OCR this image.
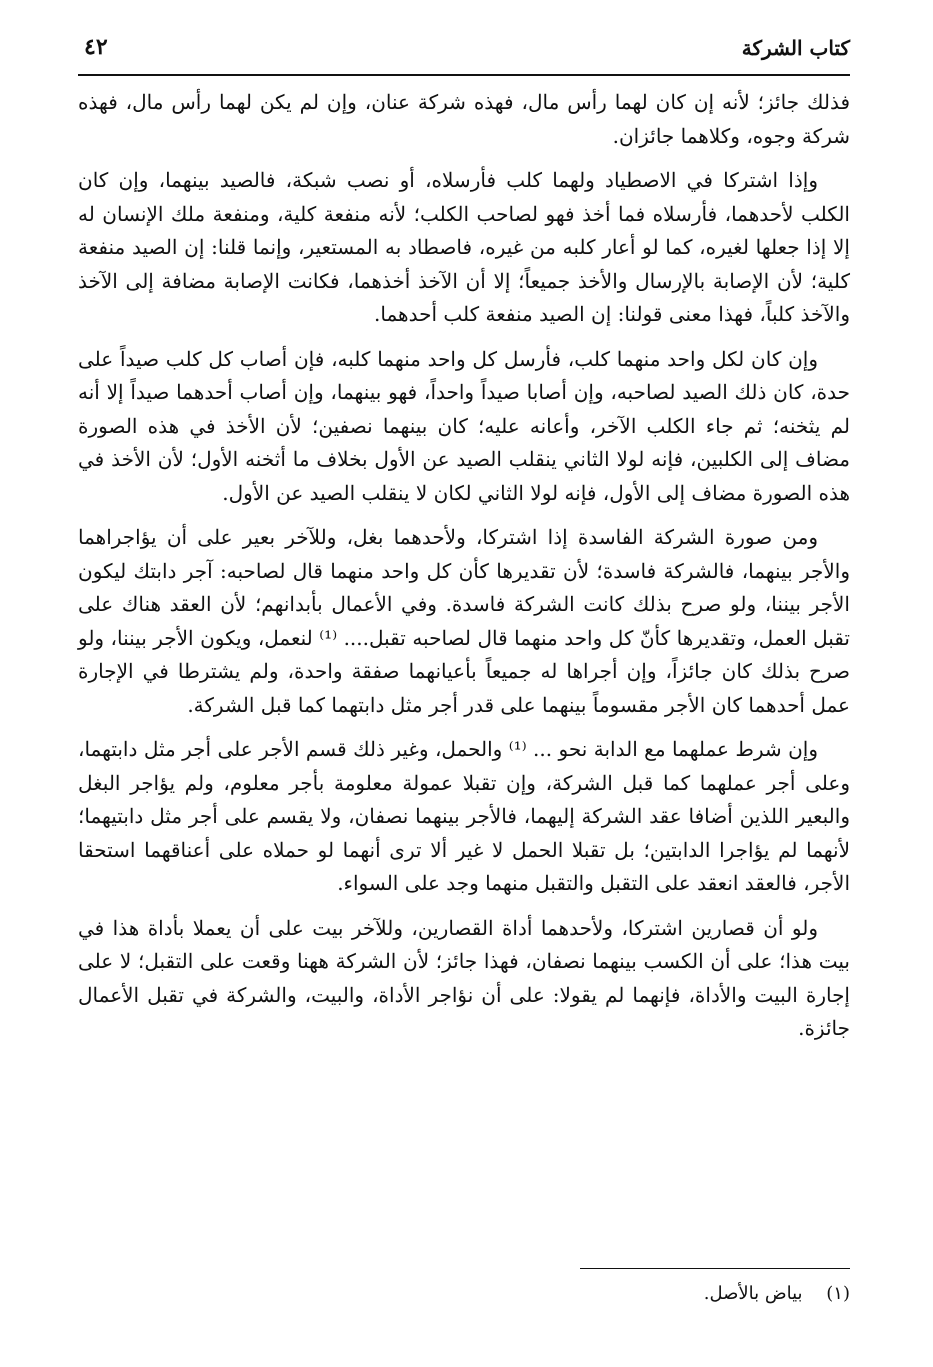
كتاب الشركة
٤٢

فذلك جائز؛ لأنه إن كان لهما رأس مال، فهذه شركة عنان، وإن لم يكن لهما رأس مال، فهذه شركة وجوه، وكلاهما جائزان.

وإذا اشتركا في الاصطياد ولهما كلب فأرسلاه، أو نصب شبكة، فالصيد بينهما، وإن كان الكلب لأحدهما، فأرسلاه فما أخذ فهو لصاحب الكلب؛ لأنه منفعة كلية، ومنفعة ملك الإنسان له إلا إذا جعلها لغيره، كما لو أعار كلبه من غيره، فاصطاد به المستعير، وإنما قلنا: إن الصيد منفعة كلية؛ لأن الإصابة بالإرسال والأخذ جميعاً؛ إلا أن الآخذ أخذهما، فكانت الإصابة مضافة إلى الآخذ والآخذ كلباً، فهذا معنى قولنا: إن الصيد منفعة كلب أحدهما.

وإن كان لكل واحد منهما كلب، فأرسل كل واحد منهما كلبه، فإن أصاب كل كلب صيداً على حدة، كان ذلك الصيد لصاحبه، وإن أصابا صيداً واحداً، فهو بينهما، وإن أصاب أحدهما صيداً إلا أنه لم يثخنه؛ ثم جاء الكلب الآخر، وأعانه عليه؛ كان بينهما نصفين؛ لأن الأخذ في هذه الصورة مضاف إلى الكلبين، فإنه لولا الثاني ينقلب الصيد عن الأول بخلاف ما أثخنه الأول؛ لأن الأخذ في هذه الصورة مضاف إلى الأول، فإنه لولا الثاني لكان لا ينقلب الصيد عن الأول.

ومن صورة الشركة الفاسدة إذا اشتركا، ولأحدهما بغل، وللآخر بعير على أن يؤاجراهما والأجر بينهما، فالشركة فاسدة؛ لأن تقديرها كأن كل واحد منهما قال لصاحبه: آجر دابتك ليكون الأجر بيننا، ولو صرح بذلك كانت الشركة فاسدة. وفي الأعمال بأبدانهم؛ لأن العقد هناك على تقبل العمل، وتقديرها كأنّ كل واحد منهما قال لصاحبه تقبل.... ⁽¹⁾ لنعمل، ويكون الأجر بيننا، ولو صرح بذلك كان جائزاً، وإن أجراها له جميعاً بأعيانهما صفقة واحدة، ولم يشترطا في الإجارة عمل أحدهما كان الأجر مقسوماً بينهما على قدر أجر مثل دابتهما كما قبل الشركة.

وإن شرط عملهما مع الدابة نحو ... ⁽¹⁾ والحمل، وغير ذلك قسم الأجر على أجر مثل دابتهما، وعلى أجر عملهما كما قبل الشركة، وإن تقبلا عمولة معلومة بأجر معلوم، ولم يؤاجر البغل والبعير اللذين أضافا عقد الشركة إليهما، فالأجر بينهما نصفان، ولا يقسم على أجر مثل دابتيهما؛ لأنهما لم يؤاجرا الدابتين؛ بل تقبلا الحمل لا غير ألا ترى أنهما لو حملاه على أعناقهما استحقا الأجر، فالعقد انعقد على التقبل والتقبل منهما وجد على السواء.

ولو أن قصارين اشتركا، ولأحدهما أداة القصارين، وللآخر بيت على أن يعملا بأداة هذا في بيت هذا؛ على أن الكسب بينهما نصفان، فهذا جائز؛ لأن الشركة ههنا وقعت على التقبل؛ لا على إجارة البيت والأداة، فإنهما لم يقولا: على أن نؤاجر الأداة، والبيت، والشركة في تقبل الأعمال جائزة.

(١) بياض بالأصل.
